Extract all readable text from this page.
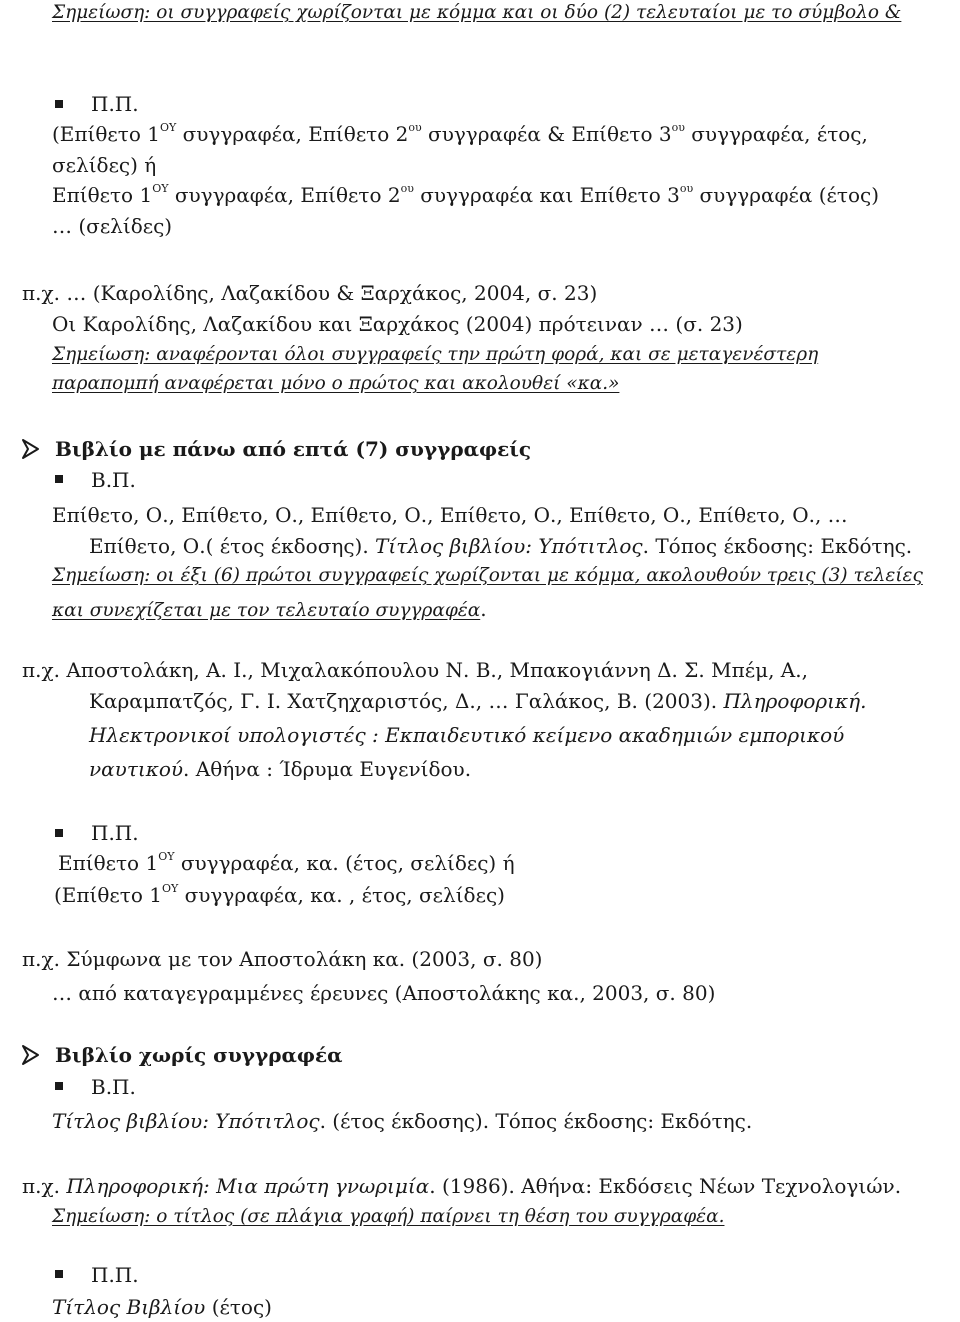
Σημείωση: οι συγγραφείς χωρίζονται με κόμμα και οι δύο (2) τελευταίοι με το σύμβολο &
Π.Π.
(Επίθετο $1^{O\Upsilon}$ συγγραφέα, Επίθετο $2^{o\upsilon}$ συγγραφέα & Επίθετο $3^{o\upsilon}$ συγγραφέα, έτος,
σελίδες) ή
Επίθετο $1^{O\Upsilon}$ συγγραφέα, Επίθετο $2^{o\upsilon}$ συγγραφέα και Επίθετο $3^{o\upsilon}$ συγγραφέα (έτος)
… (σελίδες)
π.χ. … (Καρολίδης, Λαζακίδου & Ξαρχάκος, 2004, σ. 23)
Οι Καρολίδης, Λαζακίδου και Ξαρχάκος (2004) πρότειναν … (σ. 23)
Σημείωση: αναφέρονται όλοι συγγραφείς την πρώτη φορά, και σε μεταγενέστερη
παραπομπή αναφέρεται μόνο ο πρώτος και ακολουθεί «κα.»
Βιβλίο με πάνω από επτά (7) συγγραφείς
Β.Π.
Επίθετο, Ο., Επίθετο, Ο., Επίθετο, Ο., Επίθετο, Ο., Επίθετο, Ο., Επίθετο, Ο., …
Επίθετο, Ο.( έτος έκδοσης). Τίτλος βιβλίου: Υπότιτλος. Τόπος έκδοσης: Εκδότης.
Σημείωση: οι έξι (6) πρώτοι συγγραφείς χωρίζονται με κόμμα, ακολουθούν τρεις (3) τελείες
και συνεχίζεται με τον τελευταίο συγγραφέα.
π.χ. Αποστολάκη, Α. Ι., Μιχαλακόπουλου Ν. Β., Μπακογιάννη Δ. Σ. Μπέμ, Α.,
Καραμπατζός, Γ. Ι. Χατζηχαριστός, Δ., … Γαλάκος, Β. (2003). Πληροφορική.
Ηλεκτρονικοί υπολογιστές : Εκπαιδευτικό κείμενο ακαδημιών εμπορικού
ναυτικού. Αθήνα : Ίδρυμα Ευγενίδου.
Π.Π.
Επίθετο $1^{O\Upsilon}$ συγγραφέα, κα. (έτος, σελίδες) ή
(Επίθετο $1^{O\Upsilon}$ συγγραφέα, κα. , έτος, σελίδες)
π.χ. Σύμφωνα με τον Αποστολάκη κα. (2003, σ. 80)
… από καταγεγραμμένες έρευνες (Αποστολάκης κα., 2003, σ. 80)
Βιβλίο χωρίς συγγραφέα
Β.Π.
Τίτλος βιβλίου: Υπότιτλος. (έτος έκδοσης). Τόπος έκδοσης: Εκδότης.
π.χ. Πληροφορική: Μια πρώτη γνωριμία. (1986). Αθήνα: Εκδόσεις Νέων Τεχνολογιών.
Σημείωση: ο τίτλος (σε πλάγια γραφή) παίρνει τη θέση του συγγραφέα.
Π.Π.
Τίτλος Βιβλίου (έτος)
